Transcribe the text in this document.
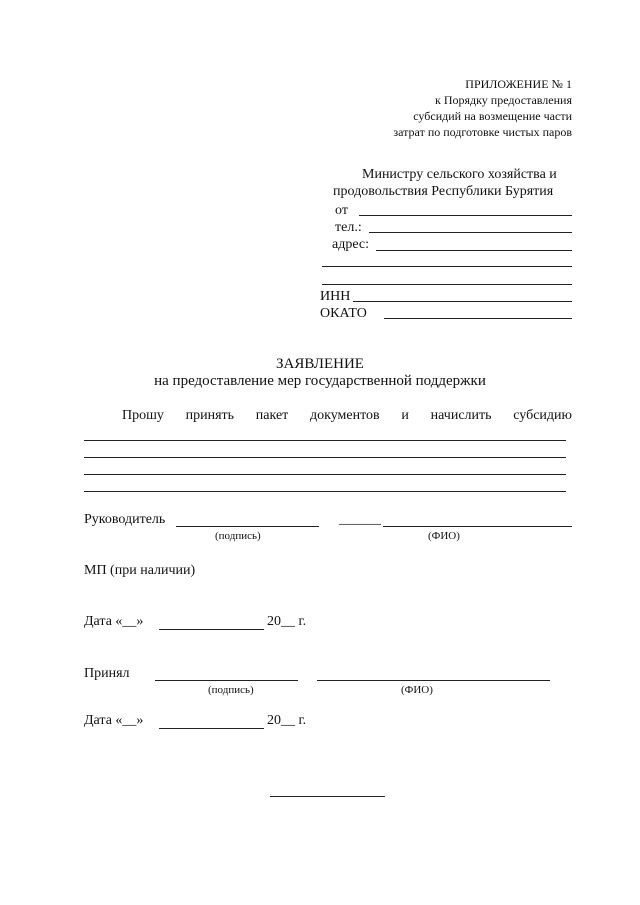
ПРИЛОЖЕНИЕ № 1
к Порядку предоставления
субсидий на возмещение части
затрат по подготовке чистых паров
Министру сельского хозяйства и
продовольствия Республики Бурятия
от
тел.:
адрес:
ИНН
ОКАТО
ЗАЯВЛЕНИЕ
на предоставление мер государственной поддержки
Прошу принять пакет документов и начислить субсидию
Руководитель	______
(подпись)	(ФИО)
МП (при наличии)
Дата «__»	20__ г.
Принял
(подпись)	(ФИО)
Дата «__»	20__ г.
